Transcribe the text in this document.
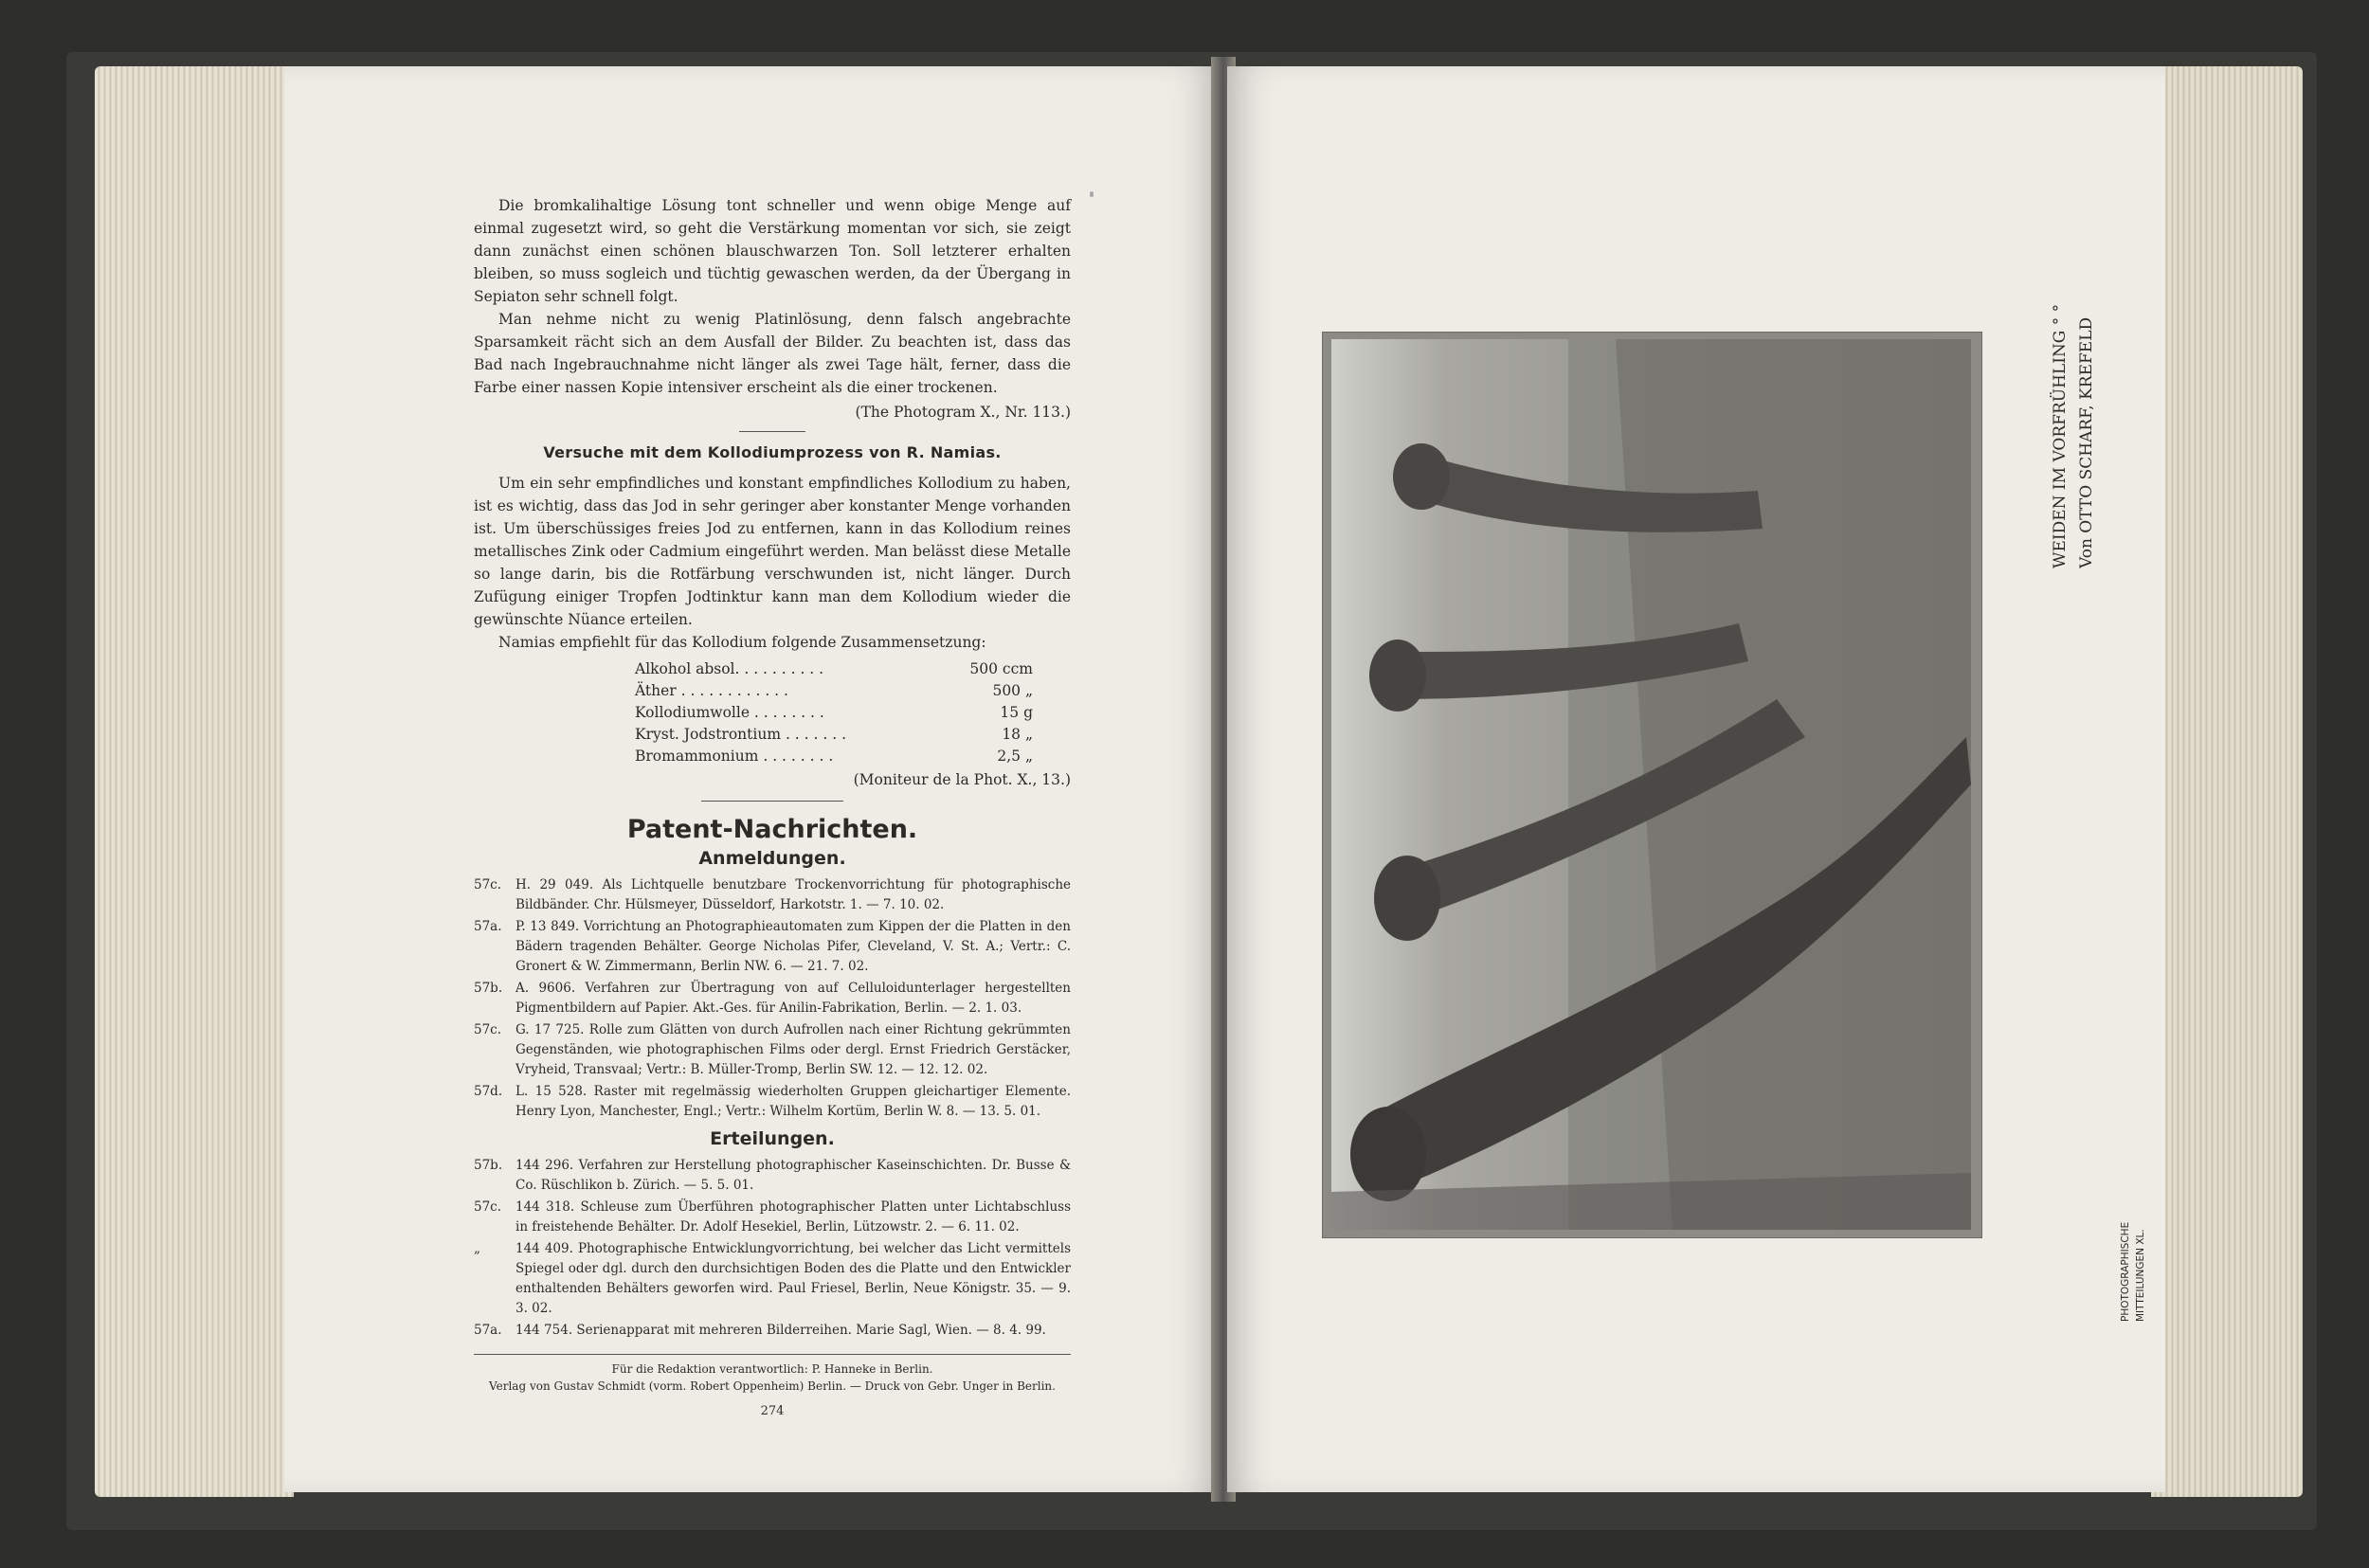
Die bromkalihaltige Lösung tont schneller und wenn obige Menge auf einmal zugesetzt wird, so geht die Verstärkung momentan vor sich, sie zeigt dann zunächst einen schönen blauschwarzen Ton. Soll letzterer erhalten bleiben, so muss sogleich und tüchtig gewaschen werden, da der Übergang in Sepiaton sehr schnell folgt.

Man nehme nicht zu wenig Platinlösung, denn falsch angebrachte Sparsamkeit rächt sich an dem Ausfall der Bilder. Zu beachten ist, dass das Bad nach Ingebrauchnahme nicht länger als zwei Tage hält, ferner, dass die Farbe einer nassen Kopie intensiver erscheint als die einer trockenen.

(The Photogram X., Nr. 113.)

Versuche mit dem Kollodiumprozess von R. Namias.

Um ein sehr empfindliches und konstant empfindliches Kollodium zu haben, ist es wichtig, dass das Jod in sehr geringer aber konstanter Menge vorhanden ist. Um überschüssiges freies Jod zu entfernen, kann in das Kollodium reines metallisches Zink oder Cadmium eingeführt werden. Man belässt diese Metalle so lange darin, bis die Rotfärbung verschwunden ist, nicht länger. Durch Zufügung einiger Tropfen Jodtinktur kann man dem Kollodium wieder die gewünschte Nüance erteilen.

Namias empfiehlt für das Kollodium folgende Zusammensetzung:

Alkohol absol. . . . . . . . . .	500 ccm
Äther . . . . . . . . . . . .	500 „
Kollodiumwolle . . . . . . . .	15 g
Kryst. Jodstrontium . . . . . . .	18 „
Bromammonium . . . . . . . .	2,5 „

(Moniteur de la Phot. X., 13.)

Patent-Nachrichten.
Anmeldungen.
57c.	H. 29 049. Als Lichtquelle benutzbare Trockenvorrichtung für photographische Bildbänder. Chr. Hülsmeyer, Düsseldorf, Harkotstr. 1. — 7. 10. 02.
57a.	P. 13 849. Vorrichtung an Photographieautomaten zum Kippen der die Platten in den Bädern tragenden Behälter. George Nicholas Pifer, Cleveland, V. St. A.; Vertr.: C. Gronert & W. Zimmermann, Berlin NW. 6. — 21. 7. 02.
57b.	A. 9606. Verfahren zur Übertragung von auf Celluloidunterlager hergestellten Pigmentbildern auf Papier. Akt.-Ges. für Anilin-Fabrikation, Berlin. — 2. 1. 03.
57c.	G. 17 725. Rolle zum Glätten von durch Aufrollen nach einer Richtung gekrümmten Gegenständen, wie photographischen Films oder dergl. Ernst Friedrich Gerstäcker, Vryheid, Transvaal; Vertr.: B. Müller-Tromp, Berlin SW. 12. — 12. 12. 02.
57d.	L. 15 528. Raster mit regelmässig wiederholten Gruppen gleichartiger Elemente. Henry Lyon, Manchester, Engl.; Vertr.: Wilhelm Kortüm, Berlin W. 8. — 13. 5. 01.
Erteilungen.
57b.	144 296. Verfahren zur Herstellung photographischer Kaseinschichten. Dr. Busse & Co. Rüschlikon b. Zürich. — 5. 5. 01.
57c.	144 318. Schleuse zum Überführen photographischer Platten unter Lichtabschluss in freistehende Behälter. Dr. Adolf Hesekiel, Berlin, Lützowstr. 2. — 6. 11. 02.
„	144 409. Photographische Entwicklungvorrichtung, bei welcher das Licht vermittels Spiegel oder dgl. durch den durchsichtigen Boden des die Platte und den Entwickler enthaltenden Behälters geworfen wird. Paul Friesel, Berlin, Neue Königstr. 35. — 9. 3. 02.
57a.	144 754. Serienapparat mit mehreren Bilderreihen. Marie Sagl, Wien. — 8. 4. 99.
Für die Redaktion verantwortlich: P. Hanneke in Berlin.
Verlag von Gustav Schmidt (vorm. Robert Oppenheim) Berlin. — Druck von Gebr. Unger in Berlin.
274
WEIDEN IM VORFRÜHLING ° ° Von OTTO SCHARF, KREFELD
PHOTOGRAPHISCHE MITTEILUNGEN XL.
